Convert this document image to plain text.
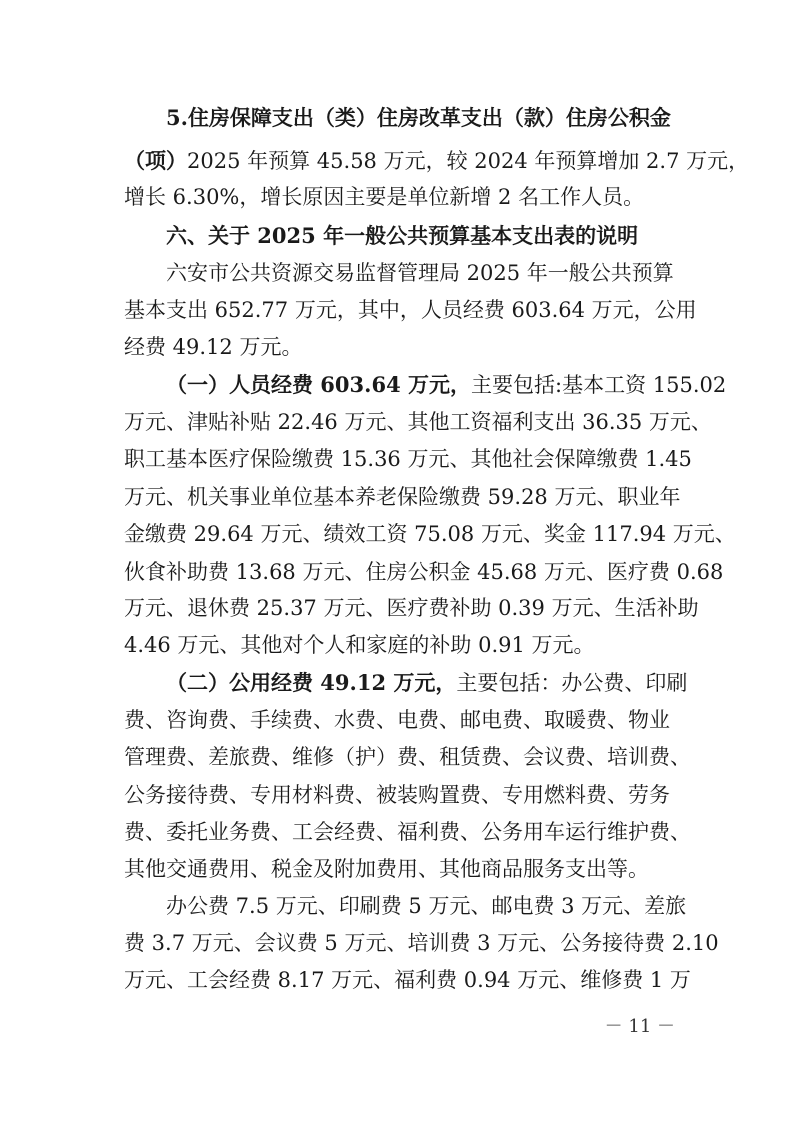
5.住房保障支出（类）住房改革支出（款）住房公积金
（项）2025 年预算 45.58 万元，较 2024 年预算增加 2.7 万元，
增长 6.30%，增长原因主要是单位新增 2 名工作人员。
六、关于 2025 年一般公共预算基本支出表的说明
六安市公共资源交易监督管理局 2025 年一般公共预算
基本支出 652.77 万元，其中，人员经费 603.64 万元，公用
经费 49.12 万元。
（一）人员经费 603.64 万元，主要包括:基本工资 155.02
万元、津贴补贴 22.46 万元、其他工资福利支出 36.35 万元、
职工基本医疗保险缴费 15.36 万元、其他社会保障缴费 1.45
万元、机关事业单位基本养老保险缴费 59.28 万元、职业年
金缴费 29.64 万元、绩效工资 75.08 万元、奖金 117.94 万元、
伙食补助费 13.68 万元、住房公积金 45.68 万元、医疗费 0.68
万元、退休费 25.37 万元、医疗费补助 0.39 万元、生活补助
4.46 万元、其他对个人和家庭的补助 0.91 万元。
（二）公用经费 49.12 万元，主要包括：办公费、印刷
费、咨询费、手续费、水费、电费、邮电费、取暖费、物业
管理费、差旅费、维修（护）费、租赁费、会议费、培训费、
公务接待费、专用材料费、被装购置费、专用燃料费、劳务
费、委托业务费、工会经费、福利费、公务用车运行维护费、
其他交通费用、税金及附加费用、其他商品服务支出等。
办公费 7.5 万元、印刷费 5 万元、邮电费 3 万元、差旅
费 3.7 万元、会议费 5 万元、培训费 3 万元、公务接待费 2.10
万元、工会经费 8.17 万元、福利费 0.94 万元、维修费 1 万
－ 11 －
